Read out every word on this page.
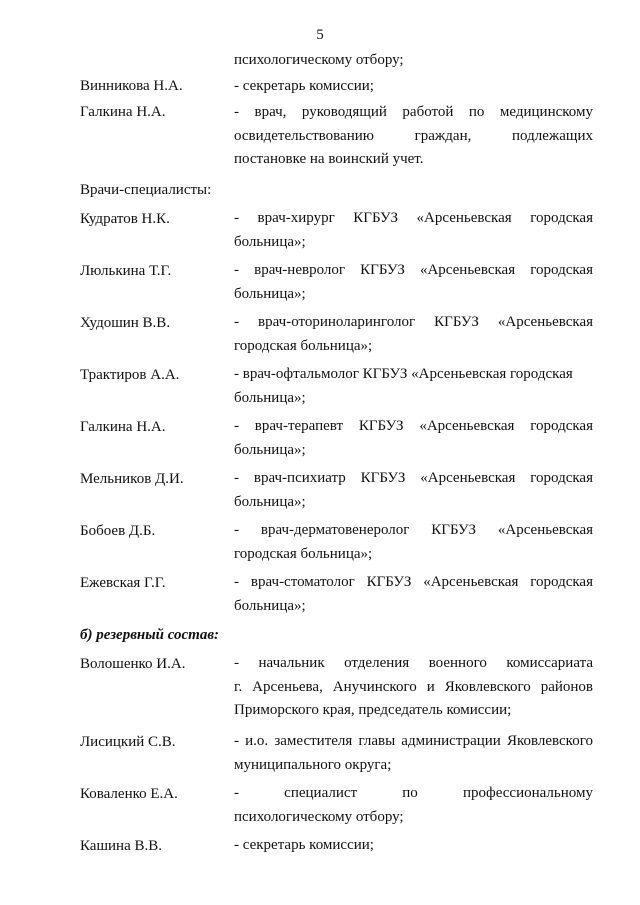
5
психологическому отбору;
Винникова Н.А.	- секретарь комиссии;
Галкина Н.А.	- врач, руководящий работой по медицинскому
освидетельствованию граждан, подлежащих
постановке на воинский учет.
Врачи-специалисты:
Кудратов Н.К.	- врач-хирург КГБУЗ «Арсеньевская городская
больница»;
Люлькина Т.Г.	- врач-невролог КГБУЗ «Арсеньевская городская
больница»;
Худошин В.В.	- врач-оториноларинголог КГБУЗ «Арсеньевская
городская больница»;
Трактиров А.А.	- врач-офтальмолог КГБУЗ «Арсеньевская городская
больница»;
Галкина Н.А.	- врач-терапевт КГБУЗ «Арсеньевская городская
больница»;
Мельников Д.И.	- врач-психиатр КГБУЗ «Арсеньевская городская
больница»;
Бобоев Д.Б.	- врач-дерматовенеролог КГБУЗ «Арсеньевская
городская больница»;
Ежевская Г.Г.	- врач-стоматолог КГБУЗ «Арсеньевская городская
больница»;
б) резервный состав:
Волошенко И.А.	- начальник отделения военного комиссариата
г. Арсеньева, Анучинского и Яковлевского районов
Приморского края, председатель комиссии;
Лисицкий С.В.	- и.о. заместителя главы администрации Яковлевского
муниципального округа;
Коваленко Е.А.	- специалист по профессиональному
психологическому отбору;
Кашина В.В.	- секретарь комиссии;
